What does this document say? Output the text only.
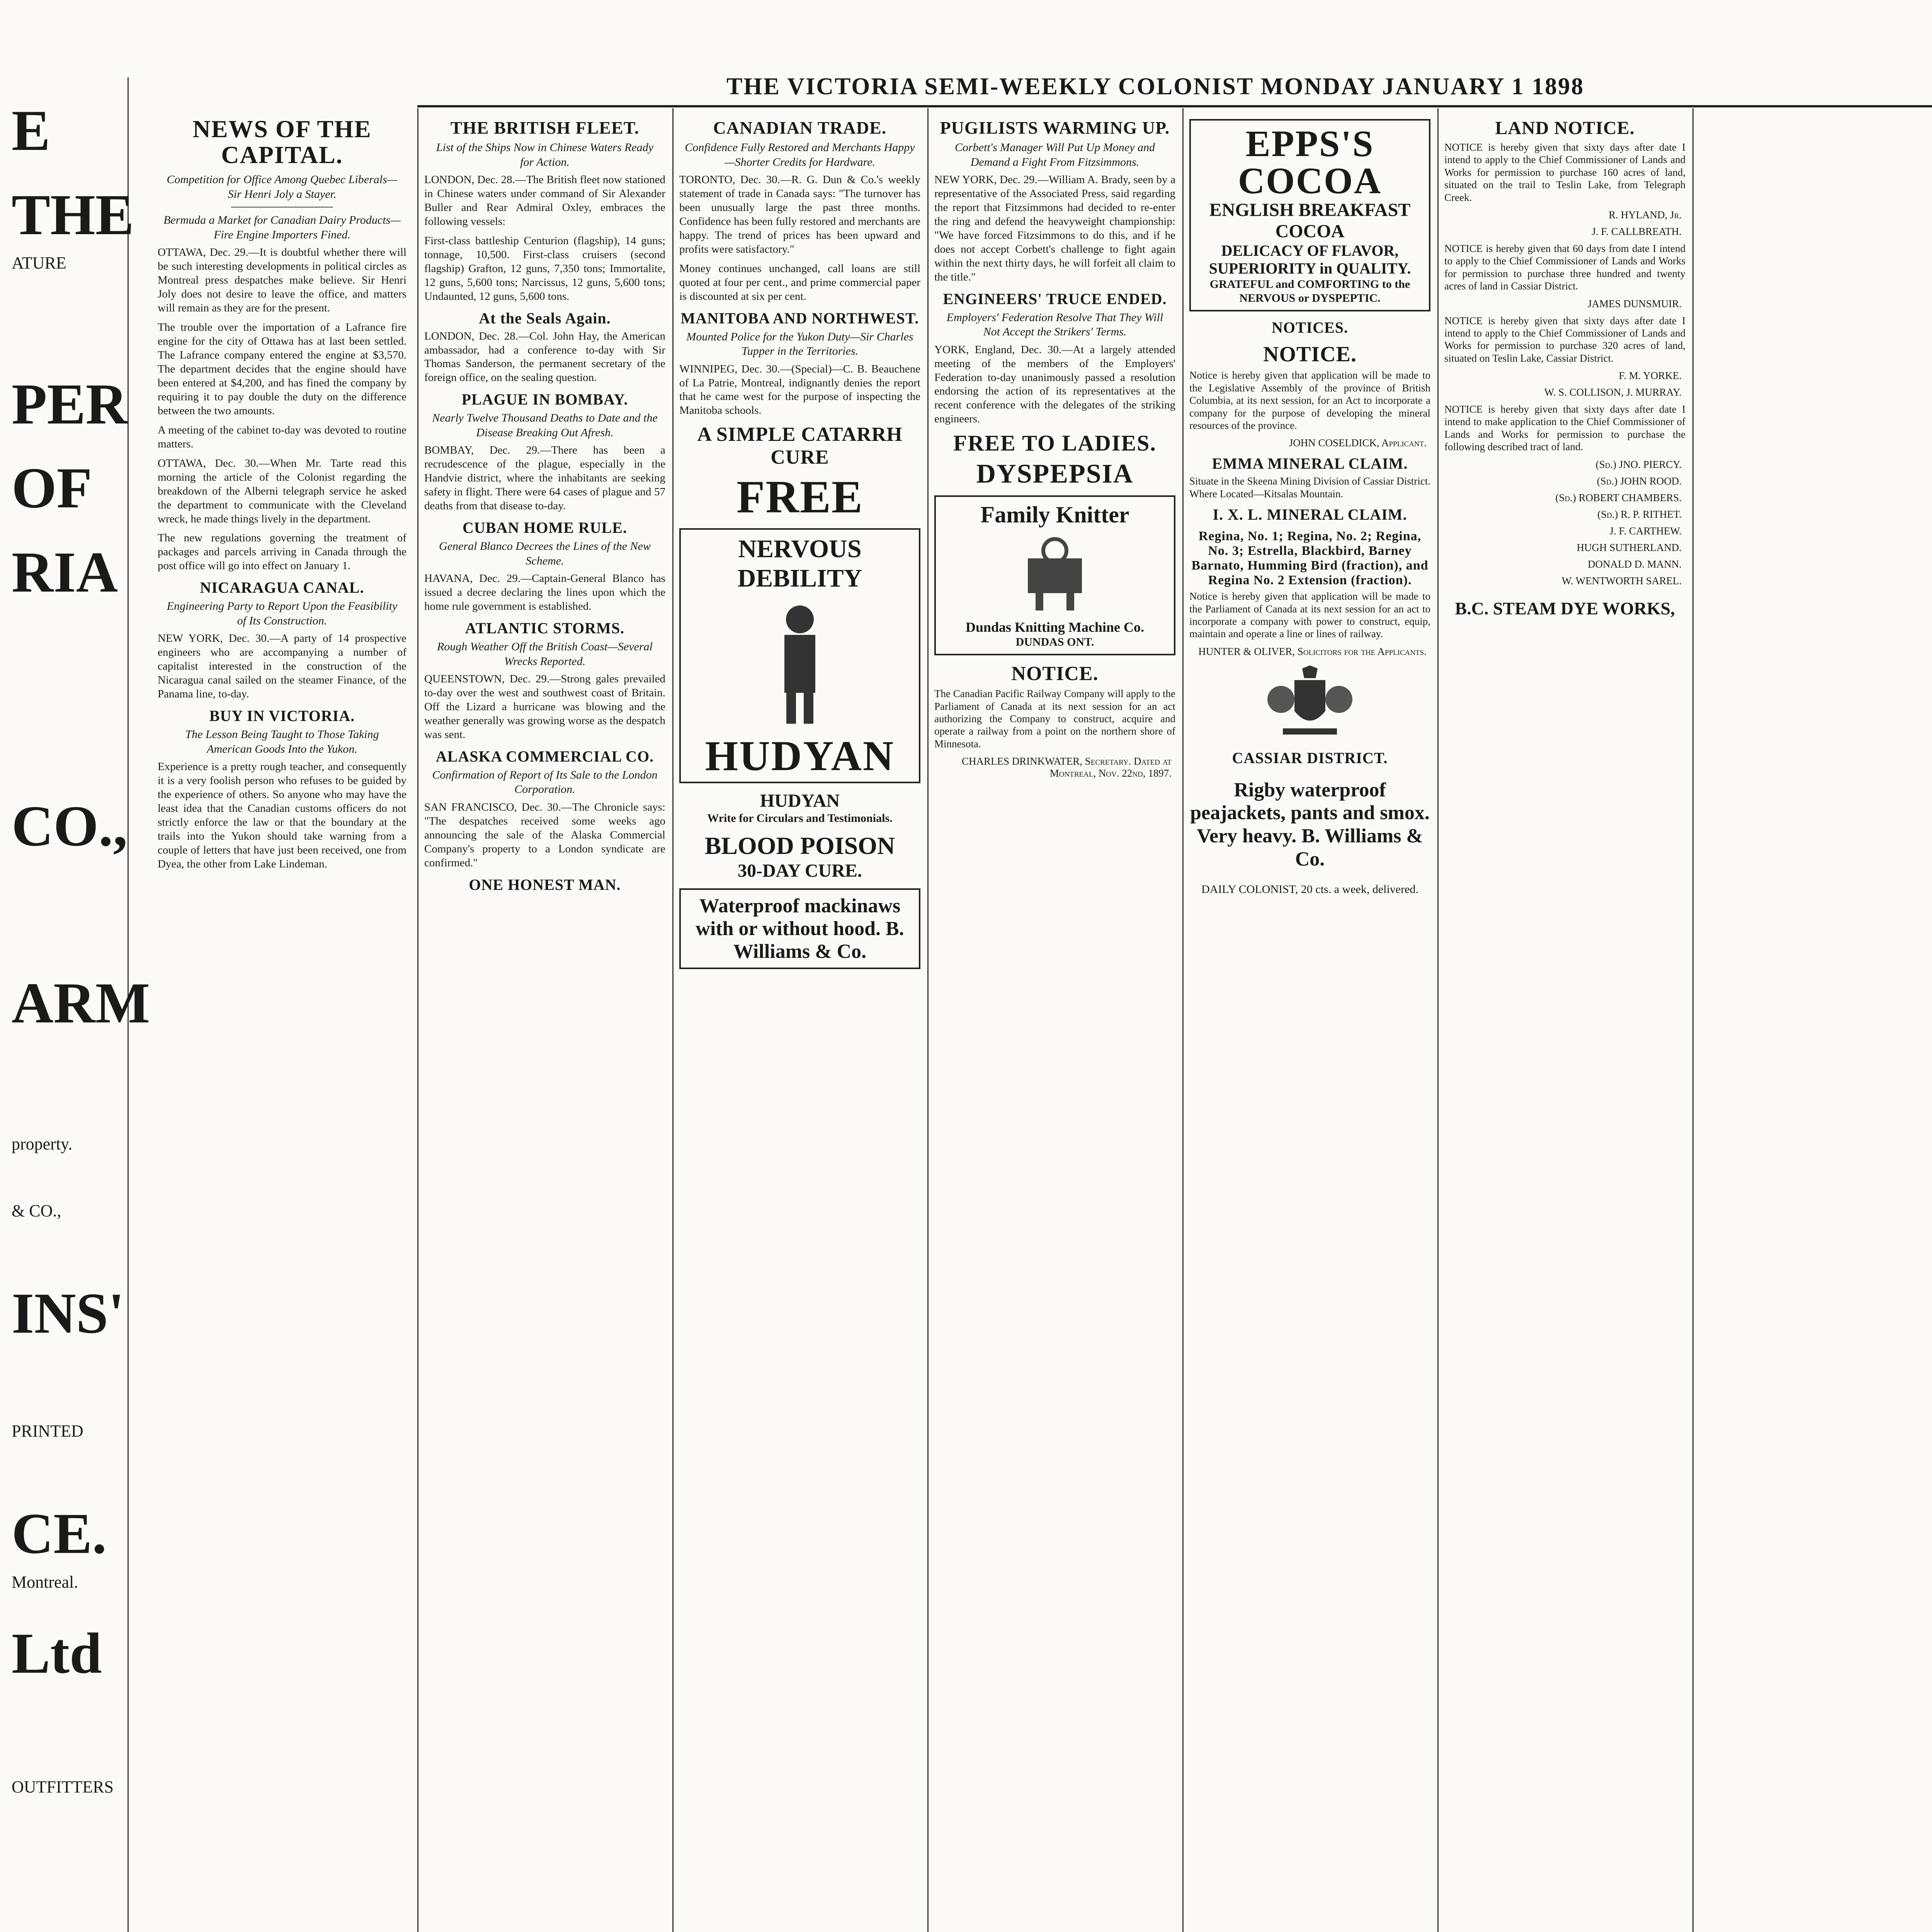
THE VICTORIA SEMI-WEEKLY COLONIST MONDAY JANUARY 1 1898
E
THE
ATURE
PER
OF
RIA
CO.,
ARM
property.
& CO.,
INS'
PRINTED
CE.
Montreal.
Ltd
OUTFITTERS
NEWS OF THE CAPITAL.
Competition for Office Among Quebec Liberals—Sir Henri Joly a Stayer.
Bermuda a Market for Canadian Dairy Products—Fire Engine Importers Fined.

OTTAWA, Dec. 29.—It is doubtful whether there will be such interesting developments in political circles as Montreal press despatches make believe. Sir Henri Joly does not desire to leave the office, and matters will remain as they are for the present.

The trouble over the importation of a Lafrance fire engine for the city of Ottawa has at last been settled. The Lafrance company entered the engine at $3,570. The department decides that the engine should have been entered at $4,200, and has fined the company by requiring it to pay double the duty on the difference between the two amounts.

A meeting of the cabinet to-day was devoted to routine matters.

OTTAWA, Dec. 30.—When Mr. Tarte read this morning the article of the Colonist regarding the breakdown of the Alberni telegraph service he asked the department to communicate with the Cleveland wreck, he made things lively in the department.

The new regulations governing the treatment of packages and parcels arriving in Canada through the post office will go into effect on January 1.

NICARAGUA CANAL.
Engineering Party to Report Upon the Feasibility of Its Construction.

NEW YORK, Dec. 30.—A party of 14 prospective engineers who are accompanying a number of capitalist interested in the construction of the Nicaragua canal sailed on the steamer Finance, of the Panama line, to-day.

BUY IN VICTORIA.
The Lesson Being Taught to Those Taking American Goods Into the Yukon.

Experience is a pretty rough teacher, and consequently it is a very foolish person who refuses to be guided by the experience of others. So anyone who may have the least idea that the Canadian customs officers do not strictly enforce the law or that the boundary at the trails into the Yukon should take warning from a couple of letters that have just been received, one from Dyea, the other from Lake Lindeman.

THE BRITISH FLEET.
List of the Ships Now in Chinese Waters Ready for Action.

LONDON, Dec. 28.—The British fleet now stationed in Chinese waters under command of Sir Alexander Buller and Rear Admiral Oxley, embraces the following vessels:

First-class battleship Centurion (flagship), 14 guns; tonnage, 10,500. First-class cruisers (second flagship) Grafton, 12 guns, 7,350 tons; Immortalite, 12 guns, 5,600 tons; Narcissus, 12 guns, 5,600 tons; Undaunted, 12 guns, 5,600 tons.

At the Seals Again.

LONDON, Dec. 28.—Col. John Hay, the American ambassador, had a conference to-day with Sir Thomas Sanderson, the permanent secretary of the foreign office, on the sealing question.

PLAGUE IN BOMBAY.
Nearly Twelve Thousand Deaths to Date and the Disease Breaking Out Afresh.

BOMBAY, Dec. 29.—There has been a recrudescence of the plague, especially in the Handvie district, where the inhabitants are seeking safety in flight. There were 64 cases of plague and 57 deaths from that disease to-day.

CUBAN HOME RULE.
General Blanco Decrees the Lines of the New Scheme.

HAVANA, Dec. 29.—Captain-General Blanco has issued a decree declaring the lines upon which the home rule government is established.

ATLANTIC STORMS.
Rough Weather Off the British Coast—Several Wrecks Reported.

QUEENSTOWN, Dec. 29.—Strong gales prevailed to-day over the west and southwest coast of Britain. Off the Lizard a hurricane was blowing and the weather generally was growing worse as the despatch was sent.

ALASKA COMMERCIAL CO.
Confirmation of Report of Its Sale to the London Corporation.

SAN FRANCISCO, Dec. 30.—The Chronicle says: "The despatches received some weeks ago announcing the sale of the Alaska Commercial Company's property to a London syndicate are confirmed."

ONE HONEST MAN.
CANADIAN TRADE.
Confidence Fully Restored and Merchants Happy—Shorter Credits for Hardware.

TORONTO, Dec. 30.—R. G. Dun & Co.'s weekly statement of trade in Canada says: "The turnover has been unusually large the past three months. Confidence has been fully restored and merchants are happy. The trend of prices has been upward and profits were satisfactory."

Money continues unchanged, call loans are still quoted at four per cent., and prime commercial paper is discounted at six per cent.

MANITOBA AND NORTHWEST.
Mounted Police for the Yukon Duty—Sir Charles Tupper in the Territories.

WINNIPEG, Dec. 30.—(Special)—C. B. Beauchene of La Patrie, Montreal, indignantly denies the report that he came west for the purpose of inspecting the Manitoba schools.

A SIMPLE CATARRH CURE
FREE
NERVOUS DEBILITY
HUDYAN
HUDYAN
Write for Circulars and Testimonials.
BLOOD POISON
30-DAY CURE.
Waterproof mackinaws with or without hood. B. Williams & Co.
PUGILISTS WARMING UP.
Corbett's Manager Will Put Up Money and Demand a Fight From Fitzsimmons.

NEW YORK, Dec. 29.—William A. Brady, seen by a representative of the Associated Press, said regarding the report that Fitzsimmons had decided to re-enter the ring and defend the heavyweight championship: "We have forced Fitzsimmons to do this, and if he does not accept Corbett's challenge to fight again within the next thirty days, he will forfeit all claim to the title."

ENGINEERS' TRUCE ENDED.
Employers' Federation Resolve That They Will Not Accept the Strikers' Terms.

YORK, England, Dec. 30.—At a largely attended meeting of the members of the Employers' Federation to-day unanimously passed a resolution endorsing the action of its representatives at the recent conference with the delegates of the striking engineers.

FREE TO LADIES.
DYSPEPSIA
Family Knitter
Dundas Knitting Machine Co.
DUNDAS ONT.
NOTICE.

The Canadian Pacific Railway Company will apply to the Parliament of Canada at its next session for an act authorizing the Company to construct, acquire and operate a railway from a point on the northern shore of Minnesota.

CHARLES DRINKWATER, Secretary. Dated at Montreal, Nov. 22nd, 1897.
EPPS'S COCOA
ENGLISH BREAKFAST COCOA
DELICACY OF FLAVOR, SUPERIORITY in QUALITY.
GRATEFUL and COMFORTING to the NERVOUS or DYSPEPTIC.
NOTICES.
NOTICE.

Notice is hereby given that application will be made to the Legislative Assembly of the province of British Columbia, at its next session, for an Act to incorporate a company for the purpose of developing the mineral resources of the province.

JOHN COSELDICK, Applicant.
EMMA MINERAL CLAIM.

Situate in the Skeena Mining Division of Cassiar District. Where Located—Kitsalas Mountain.

I. X. L. MINERAL CLAIM.
Regina, No. 1; Regina, No. 2; Regina, No. 3; Estrella, Blackbird, Barney Barnato, Humming Bird (fraction), and Regina No. 2 Extension (fraction).

Notice is hereby given that application will be made to the Parliament of Canada at its next session for an act to incorporate a company with power to construct, equip, maintain and operate a line or lines of railway.

HUNTER & OLIVER, Solicitors for the Applicants.
CASSIAR DISTRICT.
Rigby waterproof peajackets, pants and smox. Very heavy. B. Williams & Co.
DAILY COLONIST, 20 cts. a week, delivered.
LAND NOTICE.

NOTICE is hereby given that sixty days after date I intend to apply to the Chief Commissioner of Lands and Works for permission to purchase 160 acres of land, situated on the trail to Teslin Lake, from Telegraph Creek.

R. HYLAND, Jr.
J. F. CALLBREATH.

NOTICE is hereby given that 60 days from date I intend to apply to the Chief Commissioner of Lands and Works for permission to purchase three hundred and twenty acres of land in Cassiar District.

JAMES DUNSMUIR.

NOTICE is hereby given that sixty days after date I intend to apply to the Chief Commissioner of Lands and Works for permission to purchase 320 acres of land, situated on Teslin Lake, Cassiar District.

F. M. YORKE.
W. S. COLLISON, J. MURRAY.

NOTICE is hereby given that sixty days after date I intend to make application to the Chief Commissioner of Lands and Works for permission to purchase the following described tract of land.

(Sd.) JNO. PIERCY.
(Sd.) JOHN ROOD.
(Sd.) ROBERT CHAMBERS.
(Sd.) R. P. RITHET.
J. F. CARTHEW.
HUGH SUTHERLAND.
DONALD D. MANN.
W. WENTWORTH SAREL.
B.C. STEAM DYE WORKS,
